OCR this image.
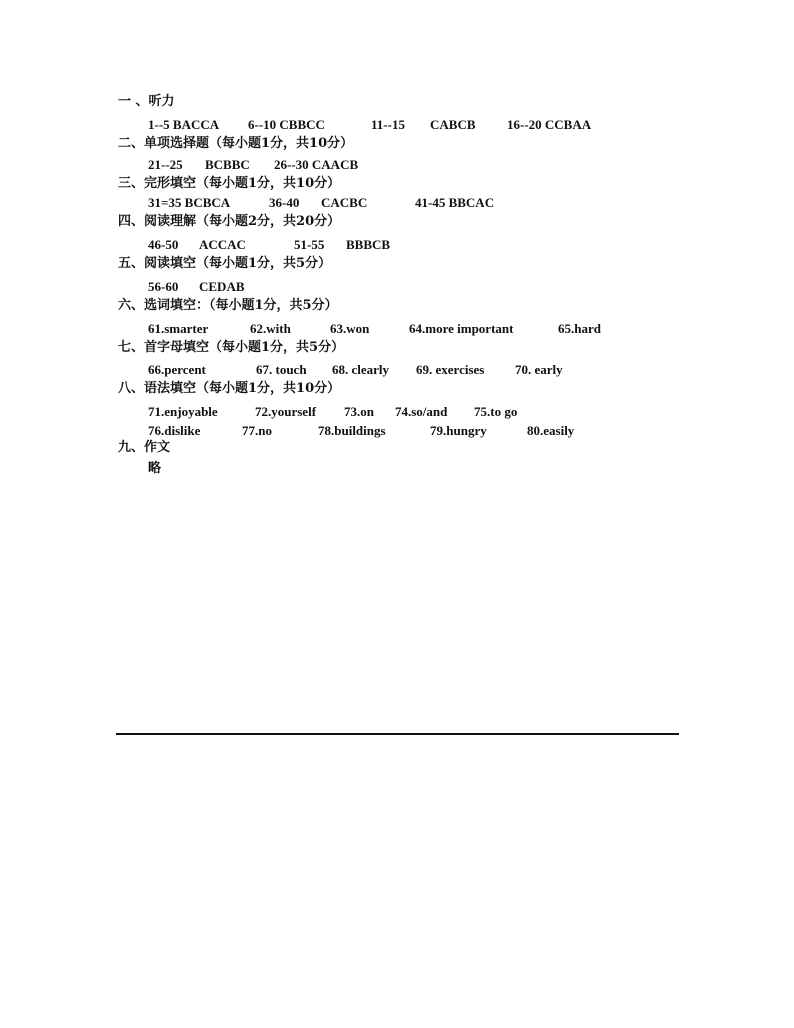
一 、听力

1--5 BACCA

6--10 CBBCC

	11--15

CABCB

16--20 CCBAA

二、单项选择题（每小题1分，共10分）

21--25

BCBBC

26--30 CAACB

三、完形填空（每小题1分，共10分）

31=35 BCBCA

	36-40

CACBC

	41-45 BBCAC

四、阅读理解（每小题2分，共20分）

46-50

ACCAC

	51-55

BBBCB

五、阅读填空（每小题1分，共5分）

56-60

CEDAB

六、选词填空：（每小题1分，共5分）

61.smarter

	62.with

	63.won

	64.more important

	65.hard

七、首字母填空（每小题1分，共5分）

66.percent

	67. touch

68. clearly

69. exercises

70. early

八、语法填空（每小题1分，共10分）

71.enjoyable

	72.yourself

73.on

74.so/and

75.to go

76.dislike

	77.no

	78.buildings

	79.hungry

	80.easily

九、作文

略
